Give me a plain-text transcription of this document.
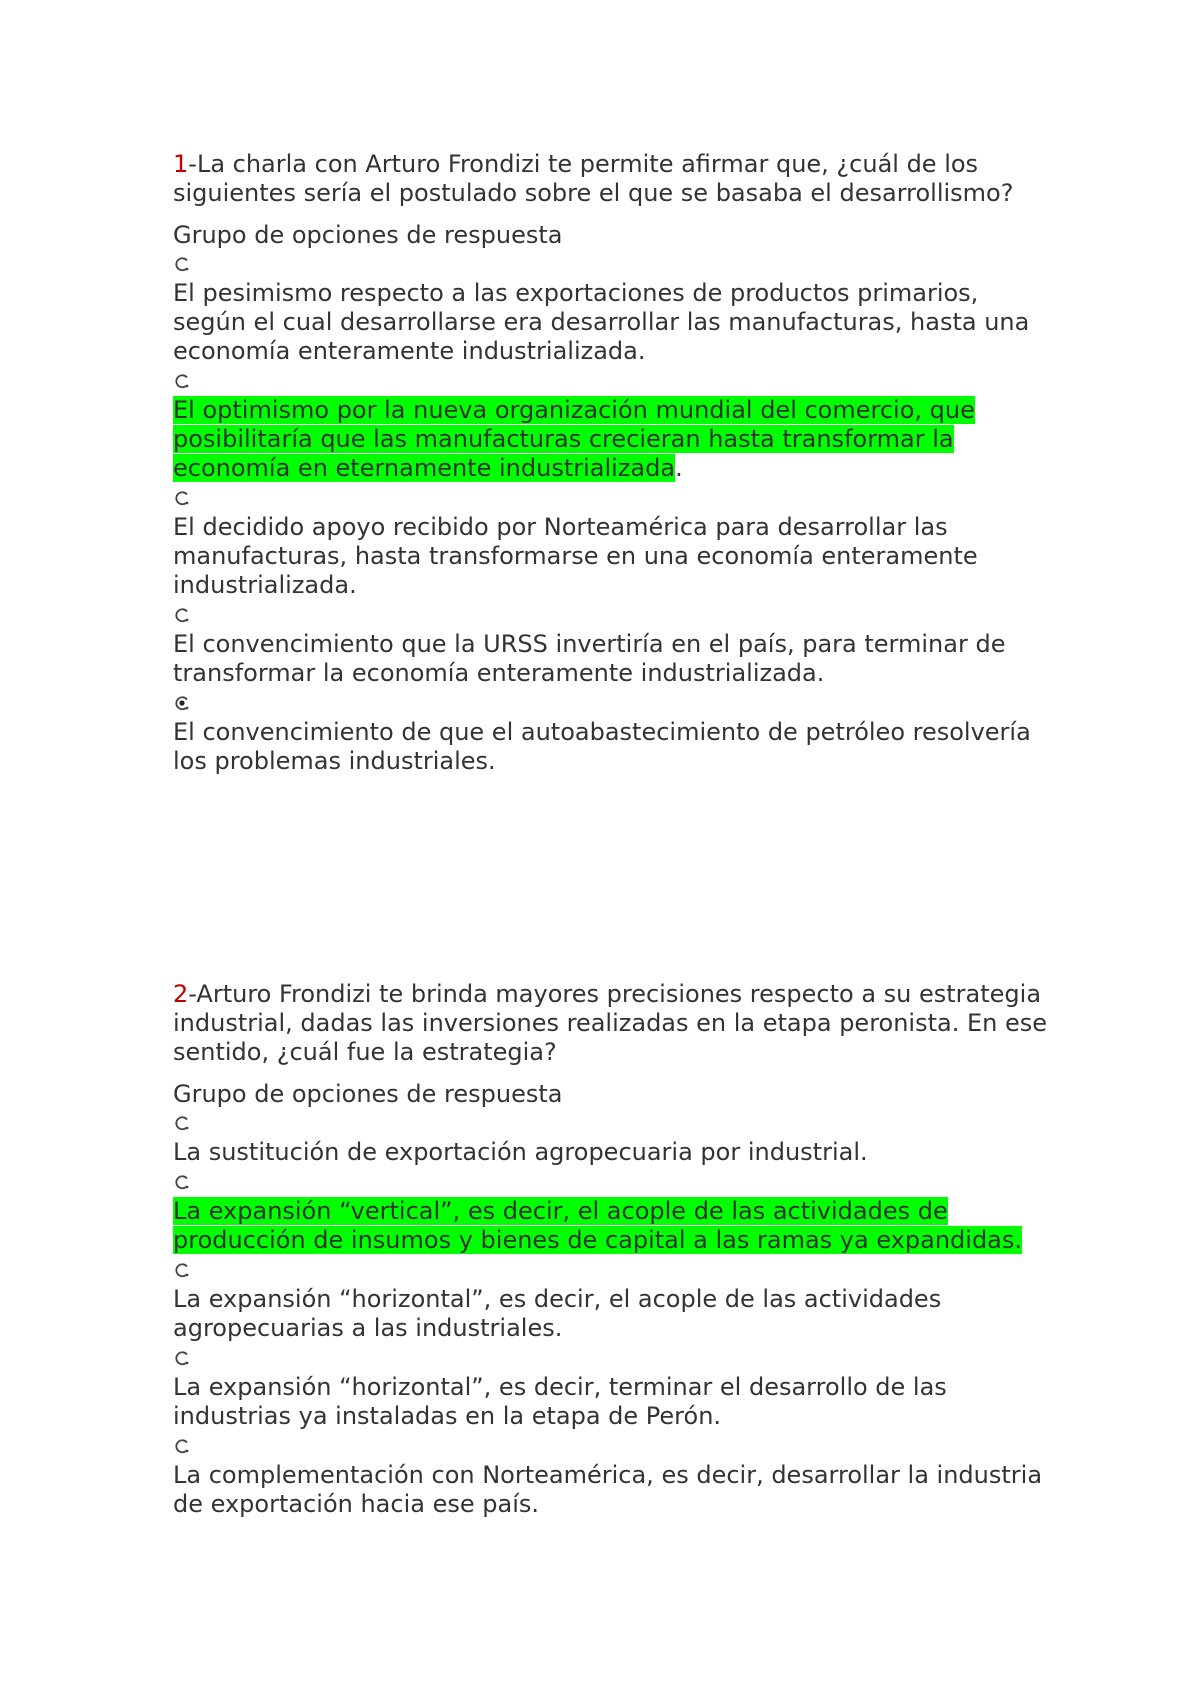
1-La charla con Arturo Frondizi te permite afirmar que, ¿cuál de los siguientes sería el postulado sobre el que se basaba el desarrollismo?

Grupo de opciones de respuesta

El pesimismo respecto a las exportaciones de productos primarios, según el cual desarrollarse era desarrollar las manufacturas, hasta una economía enteramente industrializada.

El optimismo por la nueva organización mundial del comercio, que posibilitaría que las manufacturas crecieran hasta transformar la economía en eternamente industrializada.

El decidido apoyo recibido por Norteamérica para desarrollar las manufacturas, hasta transformarse en una economía enteramente industrializada.

El convencimiento que la URSS invertiría en el país, para terminar de transformar la economía enteramente industrializada.

El convencimiento de que el autoabastecimiento de petróleo resolvería los problemas industriales.

2-Arturo Frondizi te brinda mayores precisiones respecto a su estrategia industrial, dadas las inversiones realizadas en la etapa peronista. En ese sentido, ¿cuál fue la estrategia?

Grupo de opciones de respuesta

La sustitución de exportación agropecuaria por industrial.

La expansión “vertical”, es decir, el acople de las actividades de producción de insumos y bienes de capital a las ramas ya expandidas.

La expansión “horizontal”, es decir, el acople de las actividades agropecuarias a las industriales.

La expansión “horizontal”, es decir, terminar el desarrollo de las industrias ya instaladas en la etapa de Perón.

La complementación con Norteamérica, es decir, desarrollar la industria de exportación hacia ese país.
